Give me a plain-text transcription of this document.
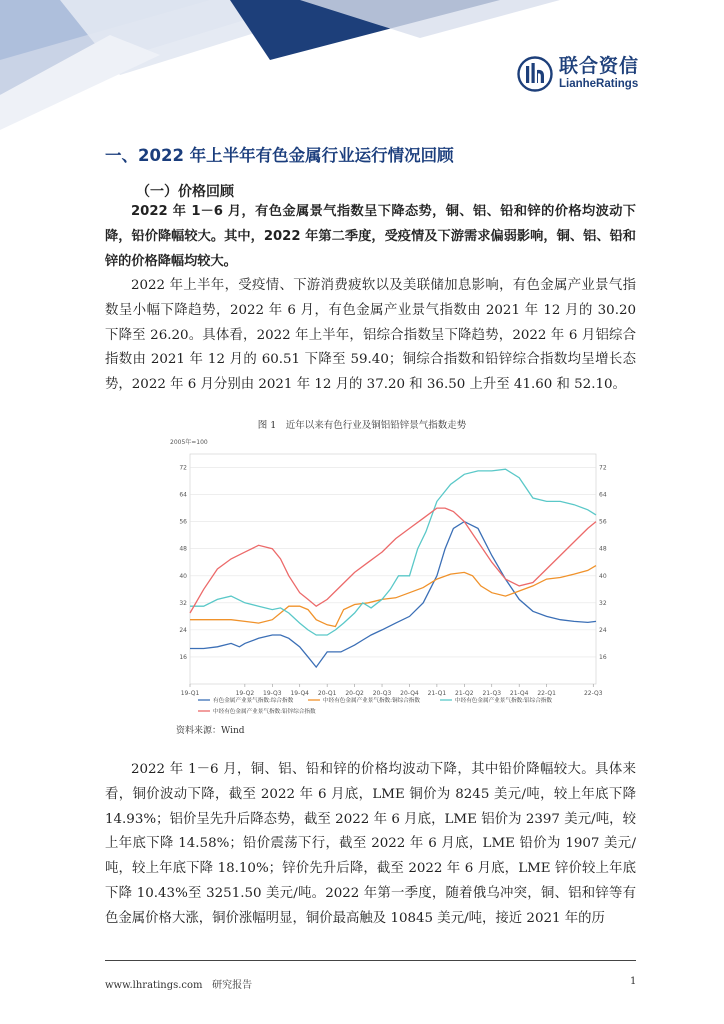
联合资信
LianheRatings
一、2022 年上半年有色金属行业运行情况回顾
（一）价格回顾
2022 年 1－6 月，有色金属景气指数呈下降态势，铜、铝、铅和锌的价格均波动下降，铅价降幅较大。其中，2022 年第二季度，受疫情及下游需求偏弱影响，铜、铝、铅和锌的价格降幅均较大。
2022 年上半年，受疫情、下游消费疲软以及美联储加息影响，有色金属产业景气指数呈小幅下降趋势，2022 年 6 月，有色金属产业景气指数由 2021 年 12 月的 30.20 下降至 26.20。具体看，2022 年上半年，铝综合指数呈下降趋势，2022 年 6 月铝综合指数由 2021 年 12 月的 60.51 下降至 59.40；铜综合指数和铅锌综合指数均呈增长态势，2022 年 6 月分别由 2021 年 12 月的 37.20 和 36.50 上升至 41.60 和 52.10。
图 1　近年以来有色行业及铜铝铅锌景气指数走势
16	16
24	24
32	32
40	40
48	48
56	56
64	64
72	72
2005年=100
19-Q1	19-Q2 19-Q3 19-Q4 20-Q1 20-Q2 20-Q3 20-Q4 21-Q1 21-Q2 21-Q3 21-Q4 22-Q1	22-Q3
有色金属产业景气指数:综合指数	中经有色金属产业景气指数:铜综合指数	中经有色金属产业景气指数:铝综合指数
中经有色金属产业景气指数:铅锌综合指数
资料来源：Wind
2022 年 1－6 月，铜、铝、铅和锌的价格均波动下降，其中铅价降幅较大。具体来看，铜价波动下降，截至 2022 年 6 月底，LME 铜价为 8245 美元/吨，较上年底下降 14.93%；铝价呈先升后降态势，截至 2022 年 6 月底，LME 铝价为 2397 美元/吨，较上年底下降 14.58%；铅价震荡下行，截至 2022 年 6 月底，LME 铅价为 1907 美元/吨，较上年底下降 18.10%；锌价先升后降，截至 2022 年 6 月底，LME 锌价较上年底下降 10.43%至 3251.50 美元/吨。2022 年第一季度，随着俄乌冲突，铜、铝和锌等有色金属价格大涨，铜价涨幅明显，铜价最高触及 10845 美元/吨，接近 2021 年的历
www.lhratings.com 研究报告	1
